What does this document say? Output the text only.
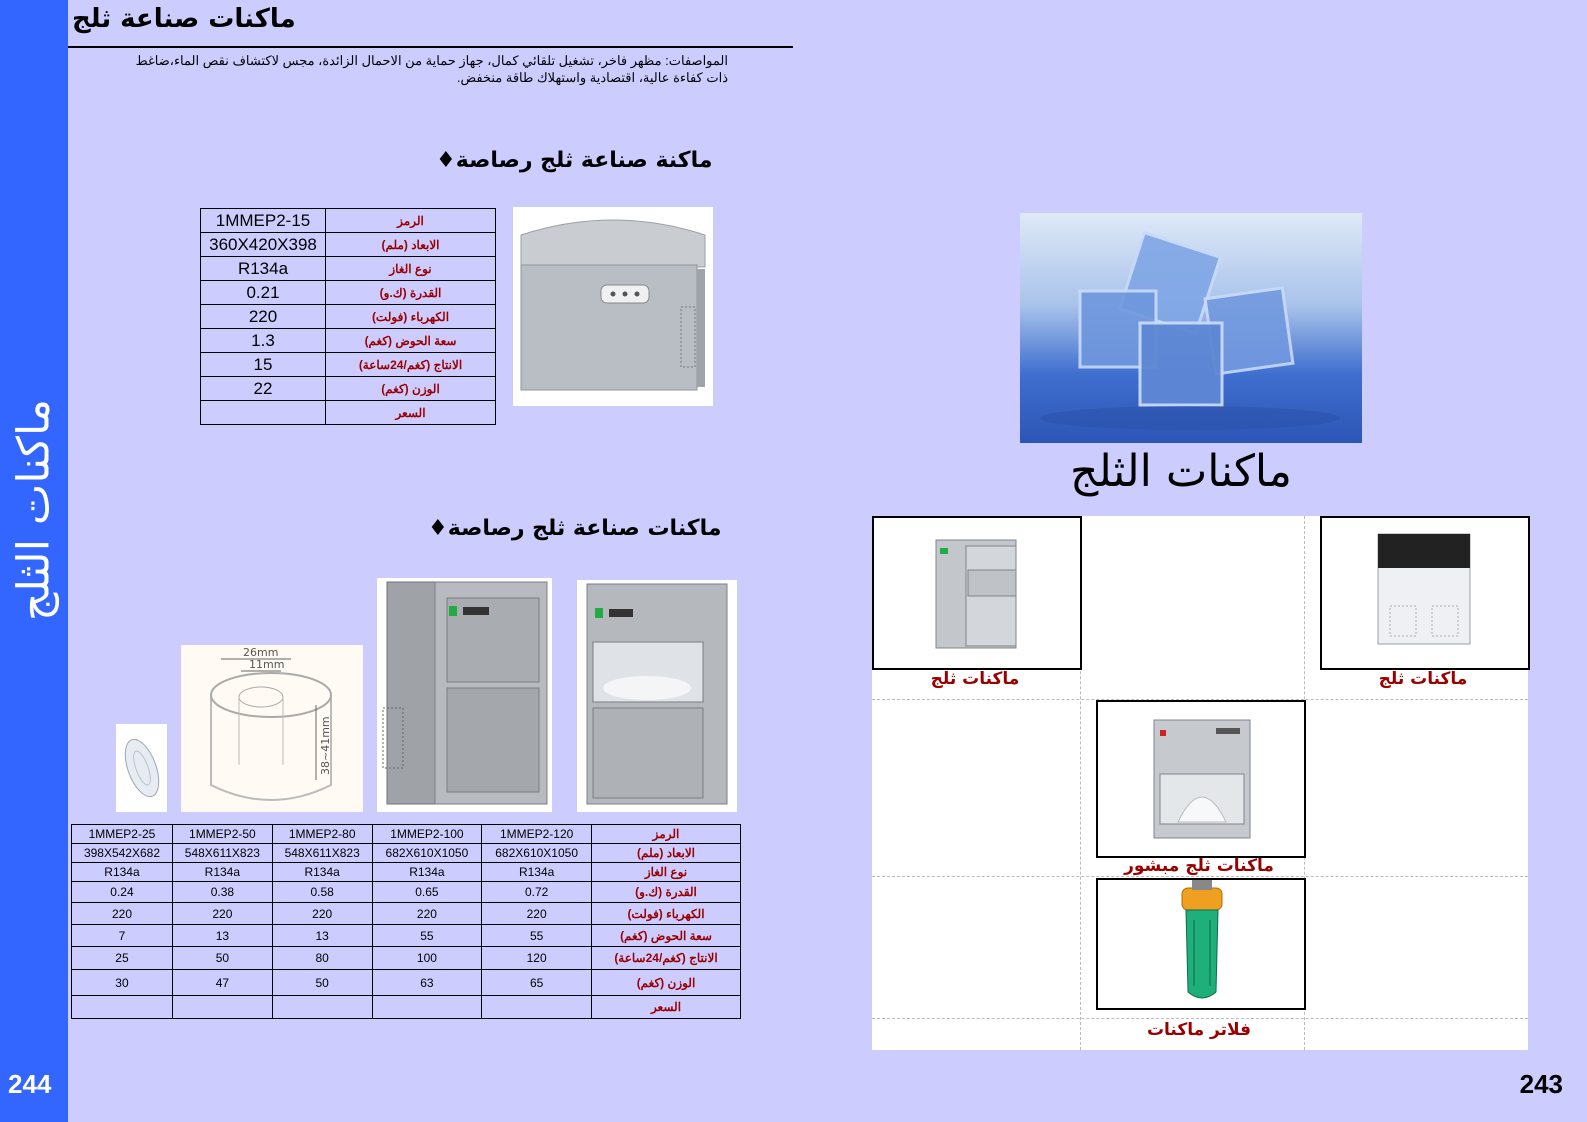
ماكنات الثلج
244	243
ماكنات صناعة ثلج
المواصفات: مظهر فاخر، تشغيل تلقائي كمال، جهاز حماية من الاحمال الزائدة، مجس لاكتشاف نقص الماء،ضاغط ذات كفاءة عالية، اقتصادية واستهلاك طاقة منخفض.
ماكنة صناعة ثلج رصاصة♦
1MMEP2-15	الرمز
360X420X398	الابعاد (ملم)
R134a	نوع الغاز
0.21	القدرة (ك.و)
220	الكهرباء (فولت)
1.3	سعة الحوض (كغم)
15	الانتاج (كغم/24ساعة)
22	الوزن (كغم)
	السعر
ماكنات صناعة ثلج رصاصة♦
26mm
11mm
38~41mm
1MMEP2-25	1MMEP2-50	1MMEP2-80	1MMEP2-100	1MMEP2-120	الرمز
398X542X682	548X611X823	548X611X823	682X610X1050	682X610X1050	الابعاد (ملم)
R134a	R134a	R134a	R134a	R134a	نوع الغاز
0.24	0.38	0.58	0.65	0.72	القدرة (ك.و)
220	220	220	220	220	الكهرباء (فولت)
7	13	13	55	55	سعة الحوض (كغم)
25	50	80	100	120	الانتاج (كغم/24ساعة)
30	47	50	63	65	الوزن (كغم)
					السعر
ماكنات الثلج
ماكنات ثلج	ماكنات ثلج
ماكنات ثلج مبشور
فلاتر ماكنات
